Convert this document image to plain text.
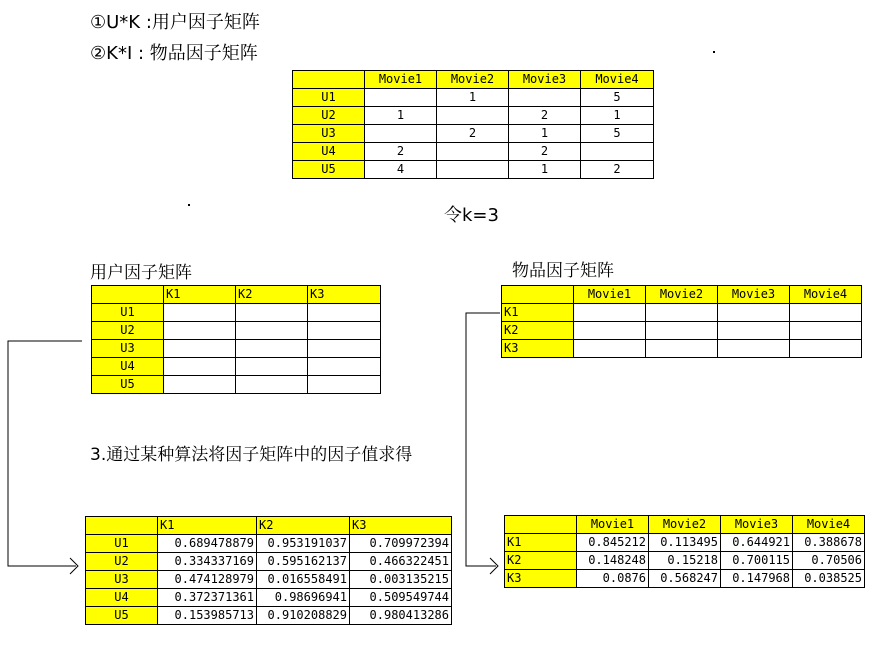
①U*K :用户因子矩阵
②K*I : 物品因子矩阵
	Movie1	Movie2	Movie3	Movie4
U1		1		5
U2	1		2	1
U3		2	1	5
U4	2		2	
U5	4		1	2
令k=3
用户因子矩阵	物品因子矩阵
	K1	K2	K3
U1			
U2			
U3			
U4			
U5			
	Movie1	Movie2	Movie3	Movie4
K1				
K2				
K3				
3.通过某种算法将因子矩阵中的因子值求得
	K1	K2	K3
U1	0.689478879	0.953191037	0.709972394
U2	0.334337169	0.595162137	0.466322451
U3	0.474128979	0.016558491	0.003135215
U4	0.372371361	0.98696941	0.509549744
U5	0.153985713	0.910208829	0.980413286
	Movie1	Movie2	Movie3	Movie4
K1	0.845212	0.113495	0.644921	0.388678
K2	0.148248	0.15218	0.700115	0.70506
K3	0.0876	0.568247	0.147968	0.038525
